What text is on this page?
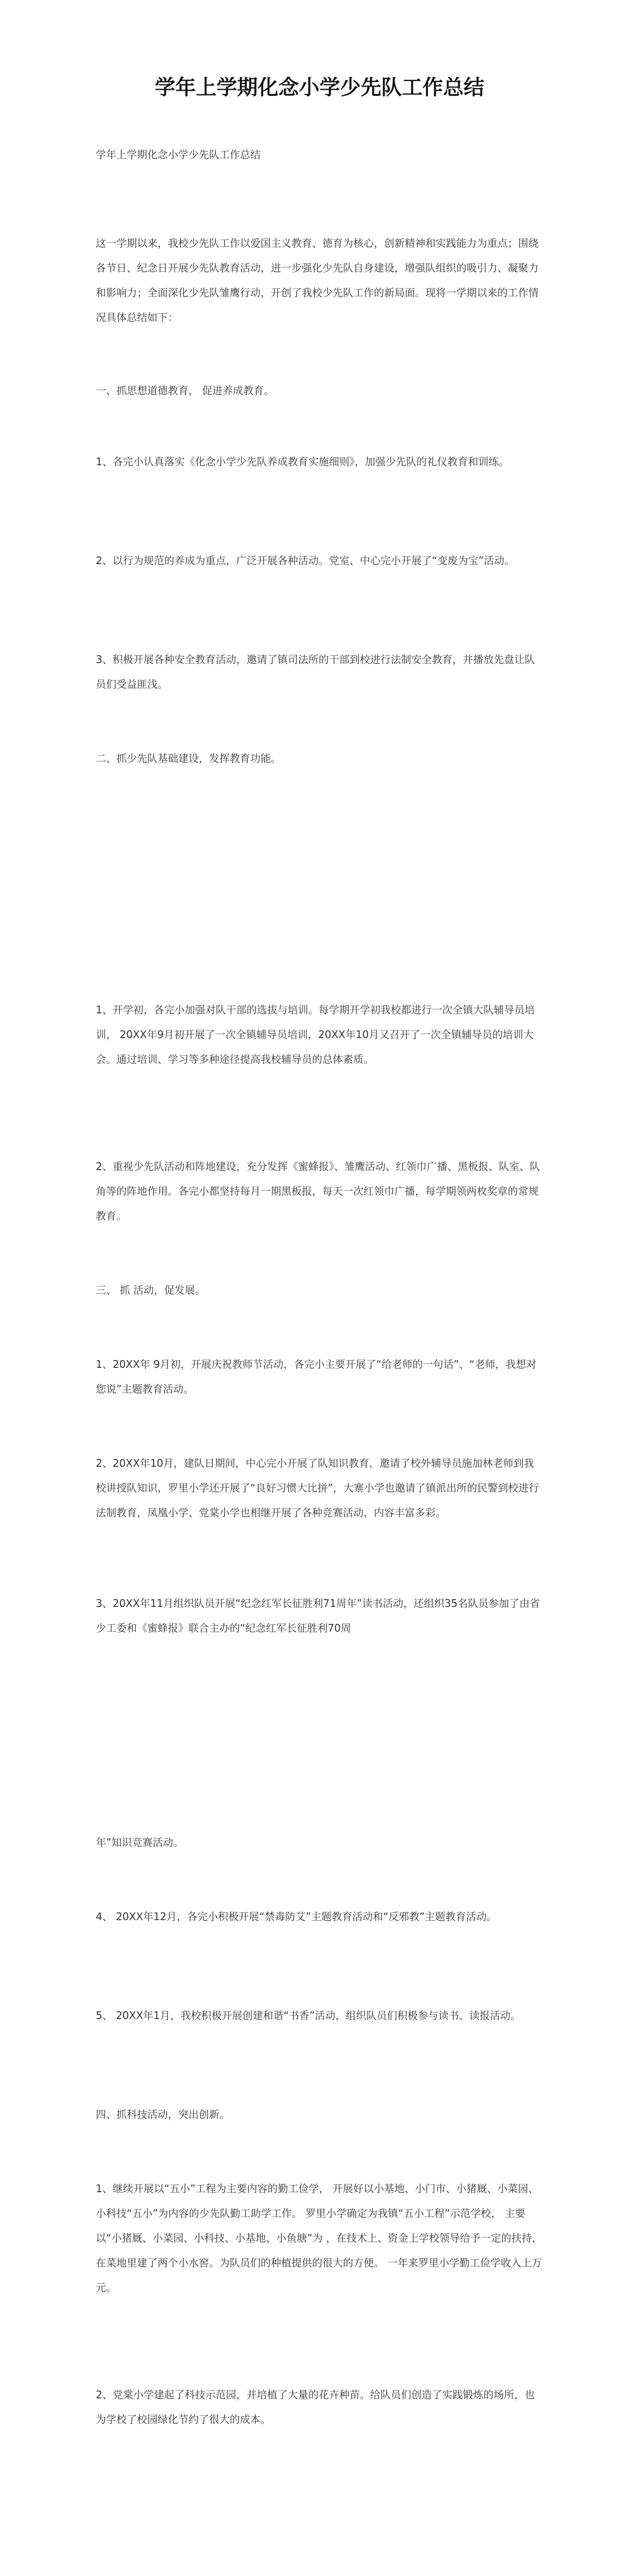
学年上学期化念小学少先队工作总结

学年上学期化念小学少先队工作总结

这一学期以来，我校少先队工作以爱国主义教育、德育为核心，创新精神和实践能力为重点；围绕各节日、纪念日开展少先队教育活动，进一步强化少先队自身建设，增强队组织的吸引力、凝聚力和影响力；全面深化少先队雏鹰行动，开创了我校少先队工作的新局面。现将一学期以来的工作情况具体总结如下：

一、抓思想道德教育， 促进养成教育。

1、各完小认真落实《化念小学少先队养成教育实施细则》，加强少先队的礼仪教育和训练。

2、以行为规范的养成为重点，广泛开展各种活动。党室、中心完小开展了“变废为宝”活动。

3、积极开展各种安全教育活动，邀请了镇司法所的干部到校进行法制安全教育，并播放先盘让队员们受益匪浅。

二、抓少先队基础建设，发挥教育功能。

1、开学初，各完小加强对队干部的选拔与培训。每学期开学初我校都进行一次全镇大队辅导员培训， 20XX年9月初开展了一次全镇辅导员培训，20XX年10月又召开了一次全镇辅导员的培训大会。通过培训、学习等多种途径提高我校辅导员的总体素质。

2、重视少先队活动和阵地建设，充分发挥《蜜蜂报》、雏鹰活动、红领巾广播、黑板报、队室、队角等的阵地作用。各完小都坚持每月一期黑板报，每天一次红领巾广播，每学期领两枚奖章的常规教育。

三、 抓 活动，促发展。

1、20XX年 9月初，开展庆祝教师节活动，各完小主要开展了“给老师的一句话”、“老师，我想对您说”主题教育活动。

2、20XX年10月，建队日期间，中心完小开展了队知识教育，邀请了校外辅导员施加林老师到我校讲授队知识，罗里小学还开展了“良好习惯大比拼”，大寨小学也邀请了镇派出所的民警到校进行法制教育，凤凰小学、党棠小学也相继开展了各种竞赛活动，内容丰富多彩。

3、20XX年11月组织队员开展“纪念红军长征胜利71周年”读书活动，还组织35名队员参加了由省少工委和《蜜蜂报》联合主办的“纪念红军长征胜利70周

年”知识竞赛活动。

4、 20XX年12月，各完小积极开展“禁毒防艾”主题教育活动和“反邪教”主题教育活动。

5、 20XX年1月，我校积极开展创建和谐“书香”活动，组织队员们积极参与读书、读报活动。

四、抓科技活动，突出创新。

1、继续开展以“五小”工程为主要内容的勤工俭学， 开展好以小基地、小门市、小猪厩、小菜园、小科技“五小”为内容的少先队勤工助学工作。 罗里小学确定为我镇“五小工程”示范学校， 主要以“小猪厩、小菜园、小科技、小基地、小鱼塘”为 ，在技术上、资金上学校领导给予一定的扶持，在菜地里建了两个小水窖。为队员们的种植提供的很大的方便。 一年来罗里小学勤工俭学收入上万元。

2、党棠小学建起了科技示范园，并培植了大量的花卉种苗。给队员们创造了实践锻炼的场所，也为学校了校园绿化节约了很大的成本。
